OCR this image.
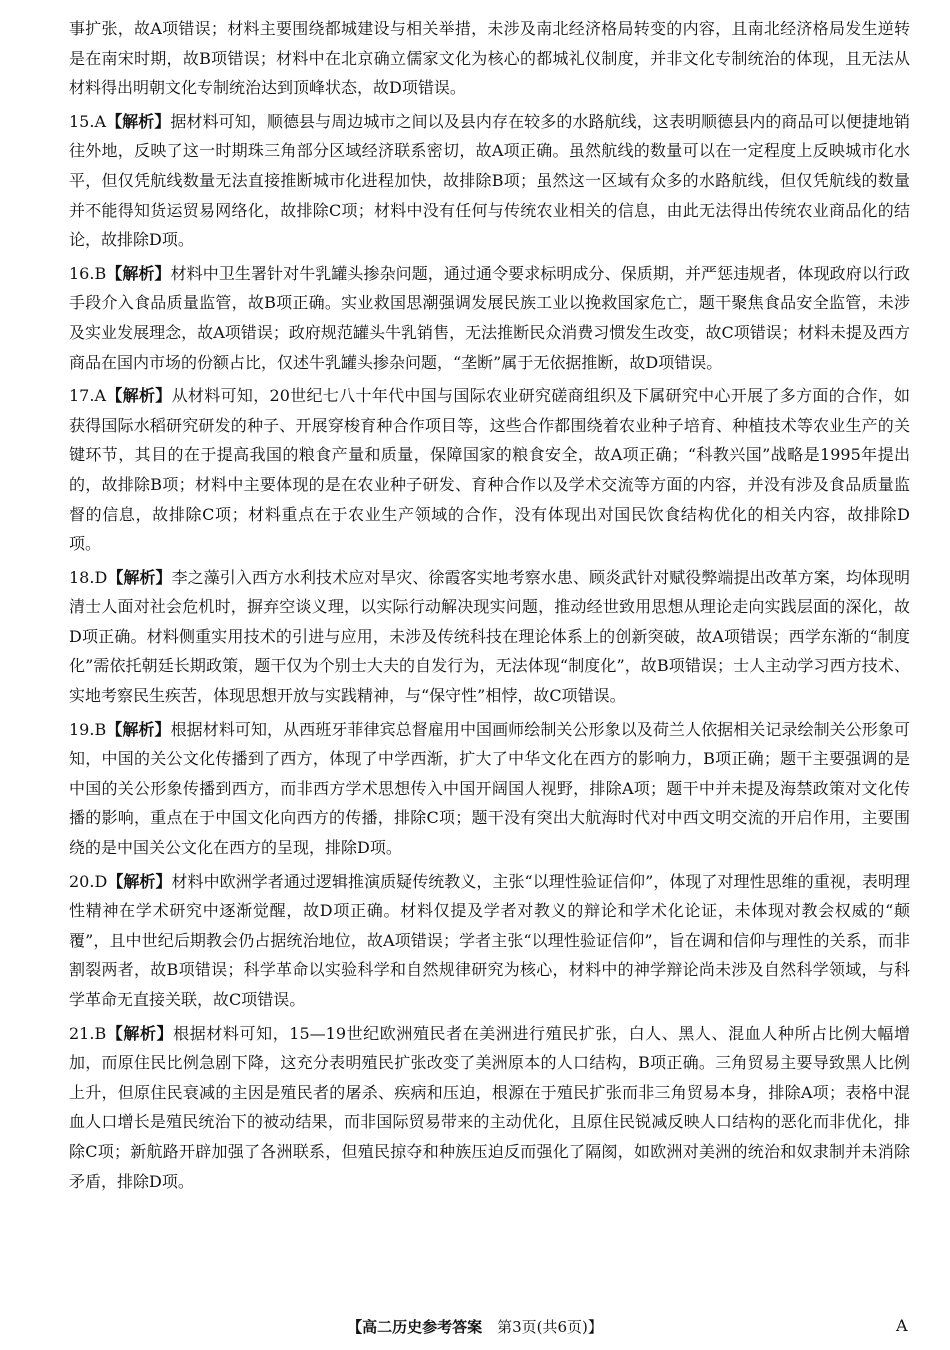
事扩张，故A项错误；材料主要围绕都城建设与相关举措，未涉及南北经济格局转变的内容，且南北经济格局发生逆转是在南宋时期，故B项错误；材料中在北京确立儒家文化为核心的都城礼仪制度，并非文化专制统治的体现，且无法从材料得出明朝文化专制统治达到顶峰状态，故D项错误。

15.A【解析】据材料可知，顺德县与周边城市之间以及县内存在较多的水路航线，这表明顺德县内的商品可以便捷地销往外地，反映了这一时期珠三角部分区域经济联系密切，故A项正确。虽然航线的数量可以在一定程度上反映城市化水平，但仅凭航线数量无法直接推断城市化进程加快，故排除B项；虽然这一区域有众多的水路航线，但仅凭航线的数量并不能得知货运贸易网络化，故排除C项；材料中没有任何与传统农业相关的信息，由此无法得出传统农业商品化的结论，故排除D项。

16.B【解析】材料中卫生署针对牛乳罐头掺杂问题，通过通令要求标明成分、保质期，并严惩违规者，体现政府以行政手段介入食品质量监管，故B项正确。实业救国思潮强调发展民族工业以挽救国家危亡，题干聚焦食品安全监管，未涉及实业发展理念，故A项错误；政府规范罐头牛乳销售，无法推断民众消费习惯发生改变，故C项错误；材料未提及西方商品在国内市场的份额占比，仅述牛乳罐头掺杂问题，“垄断”属于无依据推断，故D项错误。

17.A【解析】从材料可知，20世纪七八十年代中国与国际农业研究磋商组织及下属研究中心开展了多方面的合作，如获得国际水稻研究研发的种子、开展穿梭育种合作项目等，这些合作都围绕着农业种子培育、种植技术等农业生产的关键环节，其目的在于提高我国的粮食产量和质量，保障国家的粮食安全，故A项正确；“科教兴国”战略是1995年提出的，故排除B项；材料中主要体现的是在农业种子研发、育种合作以及学术交流等方面的内容，并没有涉及食品质量监督的信息，故排除C项；材料重点在于农业生产领域的合作，没有体现出对国民饮食结构优化的相关内容，故排除D项。

18.D【解析】李之藻引入西方水利技术应对旱灾、徐霞客实地考察水患、顾炎武针对赋役弊端提出改革方案，均体现明清士人面对社会危机时，摒弃空谈义理，以实际行动解决现实问题，推动经世致用思想从理论走向实践层面的深化，故D项正确。材料侧重实用技术的引进与应用，未涉及传统科技在理论体系上的创新突破，故A项错误；西学东渐的“制度化”需依托朝廷长期政策，题干仅为个别士大夫的自发行为，无法体现“制度化”，故B项错误；士人主动学习西方技术、实地考察民生疾苦，体现思想开放与实践精神，与“保守性”相悖，故C项错误。

19.B【解析】根据材料可知，从西班牙菲律宾总督雇用中国画师绘制关公形象以及荷兰人依据相关记录绘制关公形象可知，中国的关公文化传播到了西方，体现了中学西渐，扩大了中华文化在西方的影响力，B项正确；题干主要强调的是中国的关公形象传播到西方，而非西方学术思想传入中国开阔国人视野，排除A项；题干中并未提及海禁政策对文化传播的影响，重点在于中国文化向西方的传播，排除C项；题干没有突出大航海时代对中西文明交流的开启作用，主要围绕的是中国关公文化在西方的呈现，排除D项。

20.D【解析】材料中欧洲学者通过逻辑推演质疑传统教义，主张“以理性验证信仰”，体现了对理性思维的重视，表明理性精神在学术研究中逐渐觉醒，故D项正确。材料仅提及学者对教义的辩论和学术化论证，未体现对教会权威的“颠覆”，且中世纪后期教会仍占据统治地位，故A项错误；学者主张“以理性验证信仰”，旨在调和信仰与理性的关系，而非割裂两者，故B项错误；科学革命以实验科学和自然规律研究为核心，材料中的神学辩论尚未涉及自然科学领域，与科学革命无直接关联，故C项错误。

21.B【解析】根据材料可知，15—19世纪欧洲殖民者在美洲进行殖民扩张，白人、黑人、混血人种所占比例大幅增加，而原住民比例急剧下降，这充分表明殖民扩张改变了美洲原本的人口结构，B项正确。三角贸易主要导致黑人比例上升，但原住民衰减的主因是殖民者的屠杀、疾病和压迫，根源在于殖民扩张而非三角贸易本身，排除A项；表格中混血人口增长是殖民统治下的被动结果，而非国际贸易带来的主动优化，且原住民锐减反映人口结构的恶化而非优化，排除C项；新航路开辟加强了各洲联系，但殖民掠夺和种族压迫反而强化了隔阂，如欧洲对美洲的统治和奴隶制并未消除矛盾，排除D项。

【高二历史参考答案  第3页(共6页)】	A
